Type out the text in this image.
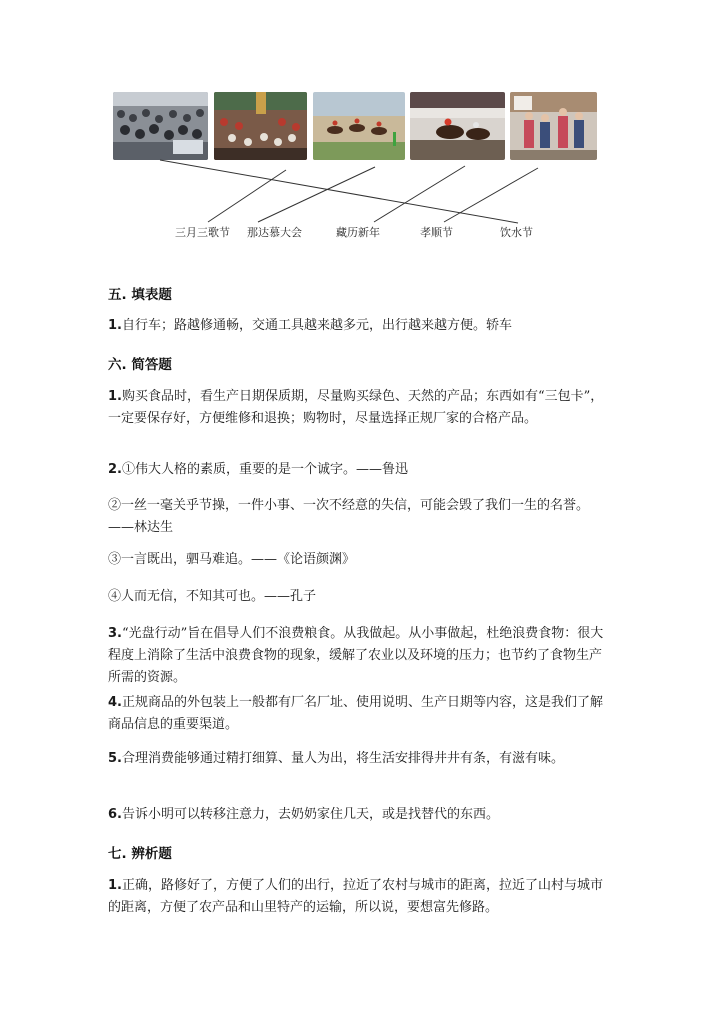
三月三歌节 那达慕大会	藏历新年	孝顺节	饮水节
五. 填表题
1.自行车；路越修通畅，交通工具越来越多元，出行越来越方便。轿车
六. 简答题
1.购买食品时，看生产日期保质期，尽量购买绿色、天然的产品；东西如有“三包卡”，一定要保存好，方便维修和退换；购物时，尽量选择正规厂家的合格产品。
2.①伟大人格的素质，重要的是一个诚字。——鲁迅
②一丝一毫关乎节操，一件小事、一次不经意的失信，可能会毁了我们一生的名誉。——林达生
③一言既出，驷马难追。——《论语颜渊》
④人而无信，不知其可也。——孔子
3.“光盘行动”旨在倡导人们不浪费粮食。从我做起。从小事做起，杜绝浪费食物：很大程度上消除了生活中浪费食物的现象，缓解了农业以及环境的压力；也节约了食物生产所需的资源。
4.正规商品的外包装上一般都有厂名厂址、使用说明、生产日期等内容，这是我们了解商品信息的重要渠道。
5.合理消费能够通过精打细算、量人为出，将生活安排得井井有条，有滋有味。
6.告诉小明可以转移注意力，去奶奶家住几天，或是找替代的东西。
七. 辨析题
1.正确，路修好了，方便了人们的出行，拉近了农村与城市的距离，拉近了山村与城市的距离，方便了农产品和山里特产的运输，所以说，要想富先修路。
